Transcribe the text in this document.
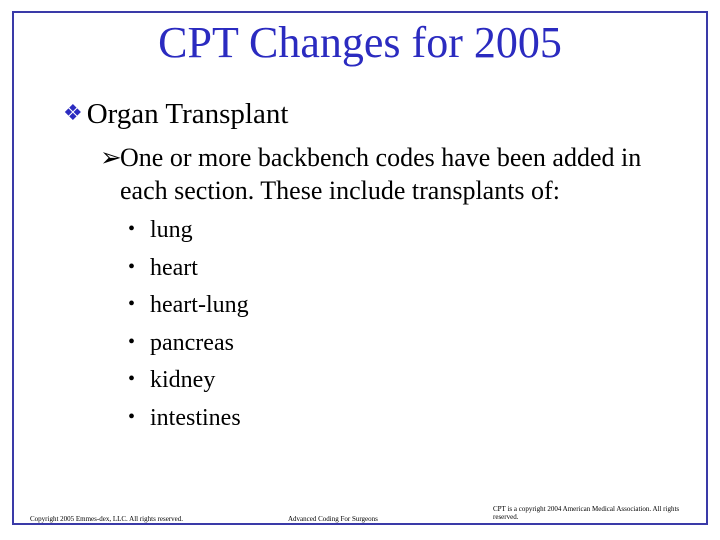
CPT Changes for 2005
❖ Organ Transplant
➢
One or more backbench codes have been added in each section. These include transplants of:
• lung
• heart
• heart-lung
• pancreas
• kidney
• intestines
Copyright 2005 Emmes-dex, LLC. All rights reserved.	Advanced Coding For Surgeons
CPT is a copyright 2004 American Medical Association. All rights reserved.
